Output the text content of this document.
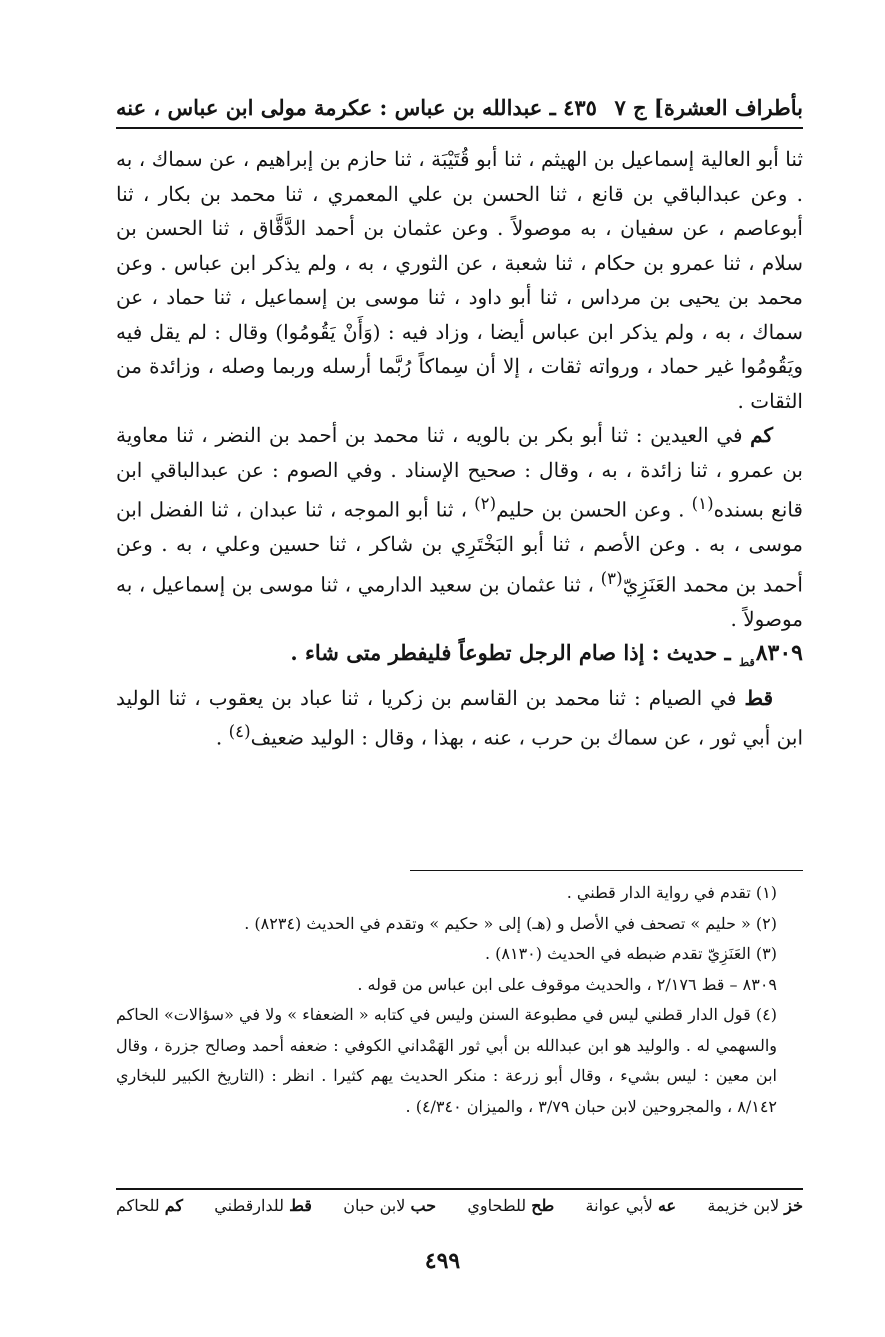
بأطراف العشرة] ج ٧
٤٣٥ ـ عبدالله بن عباس : عكرمة مولى ابن عباس ، عنه

ثنا أبو العالية إسماعيل بن الهيثم ، ثنا أبو قُتَيْبَة ، ثنا حازم بن إبراهيم ، عن سماك ، به . وعن عبدالباقي بن قانع ، ثنا الحسن بن علي المعمري ، ثنا محمد بن بكار ، ثنا أبوعاصم ، عن سفيان ، به موصولاً . وعن عثمان بن أحمد الدَّقَّاق ، ثنا الحسن بن سلام ، ثنا عمرو بن حكام ، ثنا شعبة ، عن الثوري ، به ، ولم يذكر ابن عباس . وعن محمد بن يحيى بن مرداس ، ثنا أبو داود ، ثنا موسى بن إسماعيل ، ثنا حماد ، عن سماك ، به ، ولم يذكر ابن عباس أيضا ، وزاد فيه : (وَأَنْ يَقُومُوا) وقال : لم يقل فيه ويَقُومُوا غير حماد ، ورواته ثقات ، إلا أن سِماكاً رُبَّما أرسله وربما وصله ، وزائدة من الثقات .

كم في العيدين : ثنا أبو بكر بن بالويه ، ثنا محمد بن أحمد بن النضر ، ثنا معاوية بن عمرو ، ثنا زائدة ، به ، وقال : صحيح الإسناد . وفي الصوم : عن عبدالباقي ابن قانع بسنده$^{(١)}$ . وعن الحسن بن حليم$^{(٢)}$ ، ثنا أبو الموجه ، ثنا عبدان ، ثنا الفضل ابن موسى ، به . وعن الأصم ، ثنا أبو البَخْتَرِي بن شاكر ، ثنا حسين وعلي ، به . وعن أحمد بن محمد العَنَزِيّ$^{(٣)}$ ، ثنا عثمان بن سعيد الدارمي ، ثنا موسى بن إسماعيل ، به موصولاً .

$٨٣٠٩_{قط}$ ـ حديث : إذا صام الرجل تطوعاً فليفطر متى شاء .

قط في الصيام : ثنا محمد بن القاسم بن زكريا ، ثنا عباد بن يعقوب ، ثنا الوليد ابن أبي ثور ، عن سماك بن حرب ، عنه ، بهذا ، وقال : الوليد ضعيف$^{(٤)}$ .

(١) تقدم في رواية الدار قطني .

(٢) « حليم » تصحف في الأصل و (هـ) إلى « حكيم » وتقدم في الحديث (٨٢٣٤) .

(٣) العَنَزِيّ تقدم ضبطه في الحديث (٨١٣٠) .

٨٣٠٩ – قط ٢/١٧٦ ، والحديث موقوف على ابن عباس من قوله .

(٤) قول الدار قطني ليس في مطبوعة السنن وليس في كتابه « الضعفاء » ولا في «سؤالات» الحاكم والسهمي له . والوليد هو ابن عبدالله بن أبي ثور الهَمْداني الكوفي : ضعفه أحمد وصالح جزرة ، وقال ابن معين : ليس بشيء ، وقال أبو زرعة : منكر الحديث يهم كثيرا . انظر : (التاريخ الكبير للبخاري ٨/١٤٢ ، والمجروحين لابن حبان ٣/٧٩ ، والميزان ٤/٣٤٠) .

خز لابن خزيمة
عه لأبي عوانة
طح للطحاوي
حب لابن حبان
قط للدارقطني
كم للحاكم
٤٩٩
